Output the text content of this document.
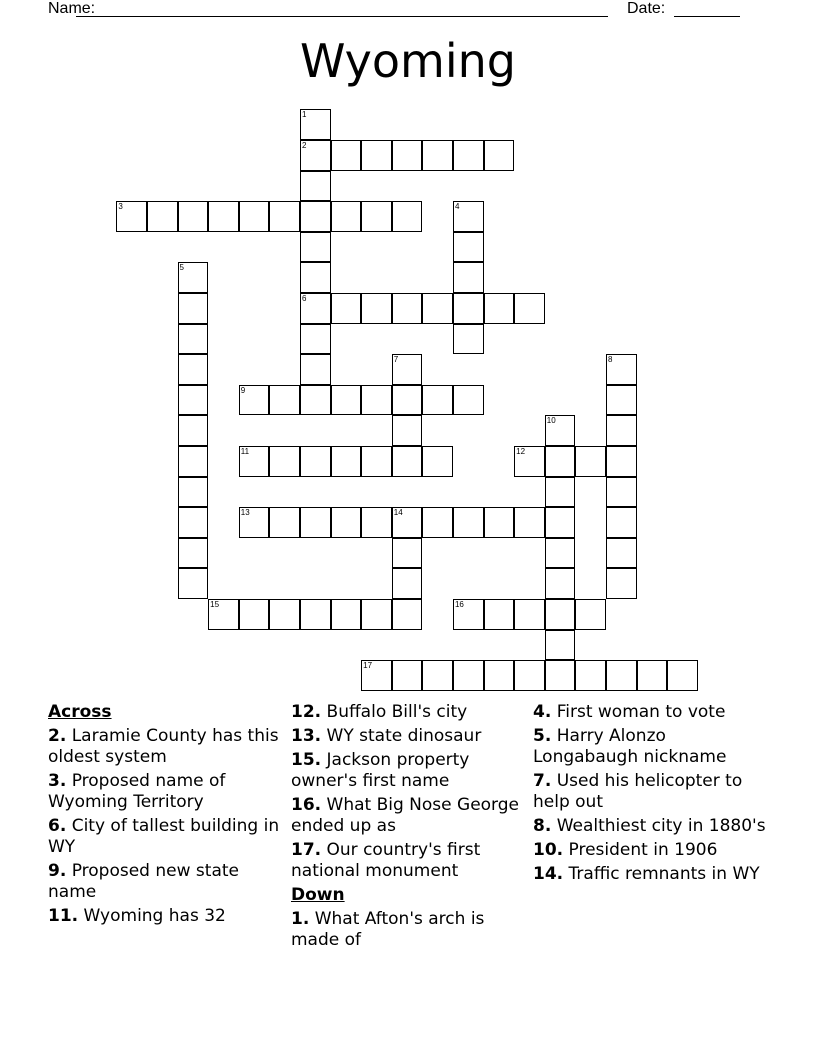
Name:	Date:
Wyoming
1
2
6
3	4
5
7	8
9
10
11	12
13	14
15	16
17
Across
2. Laramie County has this oldest system
3. Proposed name of Wyoming Territory
6. City of tallest building in WY
9. Proposed new state name
11. Wyoming has 32
12. Buffalo Bill's city
13. WY state dinosaur
15. Jackson property owner's first name
16. What Big Nose George ended up as
17. Our country's first national monument
Down
1. What Afton's arch is made of
4. First woman to vote
5. Harry Alonzo Longabaugh nickname
7. Used his helicopter to help out
8. Wealthiest city in 1880's
10. President in 1906
14. Traffic remnants in WY
